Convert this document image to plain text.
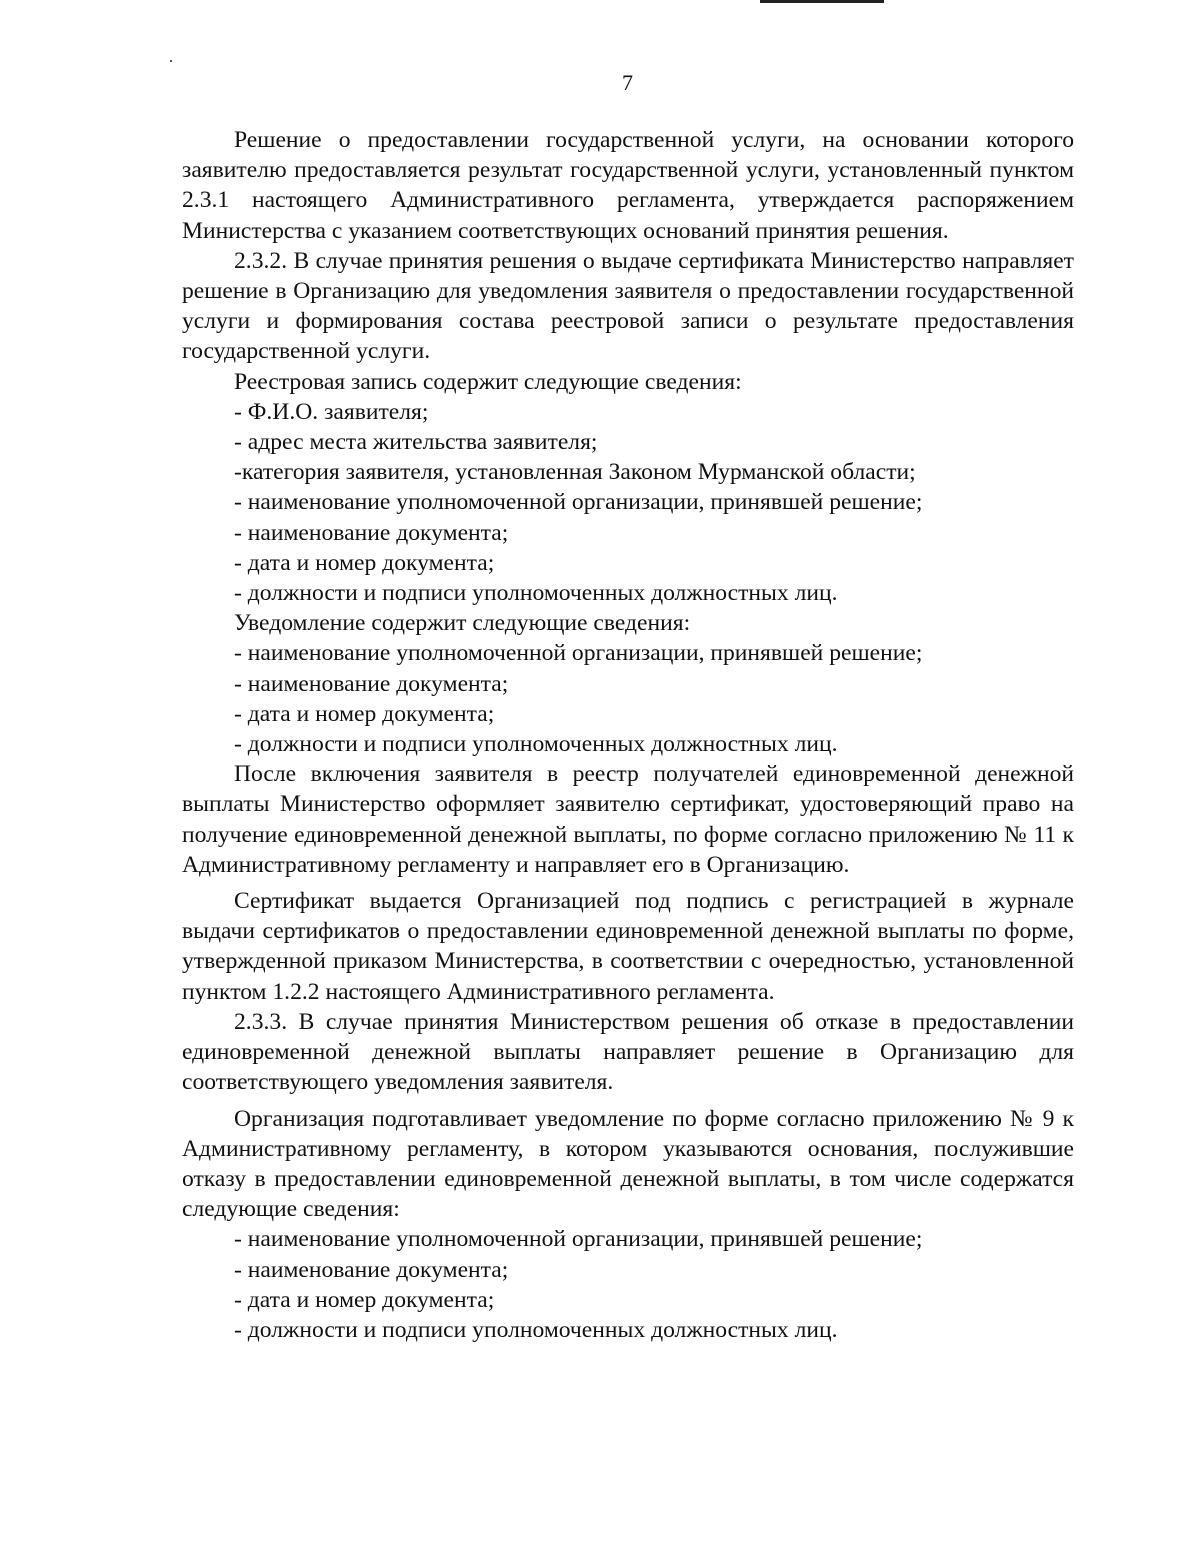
7

Решение о предоставлении государственной услуги, на основании которого заявителю предоставляется результат государственной услуги, установленный пунктом 2.3.1 настоящего Административного регламента, утверждается распоряжением Министерства с указанием соответствующих оснований принятия решения.

2.3.2. В случае принятия решения о выдаче сертификата Министерство направляет решение в Организацию для уведомления заявителя о предоставлении государственной услуги и формирования состава реестровой записи о результате предоставления государственной услуги.

Реестровая запись содержит следующие сведения:

- Ф.И.О. заявителя;

- адрес места жительства заявителя;

-категория заявителя, установленная Законом Мурманской области;

- наименование уполномоченной организации, принявшей решение;

- наименование документа;

- дата и номер документа;

- должности и подписи уполномоченных должностных лиц.

Уведомление содержит следующие сведения:

- наименование уполномоченной организации, принявшей решение;

- наименование документа;

- дата и номер документа;

- должности и подписи уполномоченных должностных лиц.

После включения заявителя в реестр получателей единовременной денежной выплаты Министерство оформляет заявителю сертификат, удостоверяющий право на получение единовременной денежной выплаты, по форме согласно приложению № 11 к Административному регламенту и направляет его в Организацию.

Сертификат выдается Организацией под подпись с регистрацией в журнале выдачи сертификатов о предоставлении единовременной денежной выплаты по форме, утвержденной приказом Министерства, в соответствии с очередностью, установленной пунктом 1.2.2 настоящего Административного регламента.

2.3.3. В случае принятия Министерством решения об отказе в предоставлении единовременной денежной выплаты направляет решение в Организацию для соответствующего уведомления заявителя.

Организация подготавливает уведомление по форме согласно приложению № 9 к Административному регламенту, в котором указываются основания, послужившие отказу в предоставлении единовременной денежной выплаты, в том числе содержатся следующие сведения:

- наименование уполномоченной организации, принявшей решение;

- наименование документа;

- дата и номер документа;

- должности и подписи уполномоченных должностных лиц.
